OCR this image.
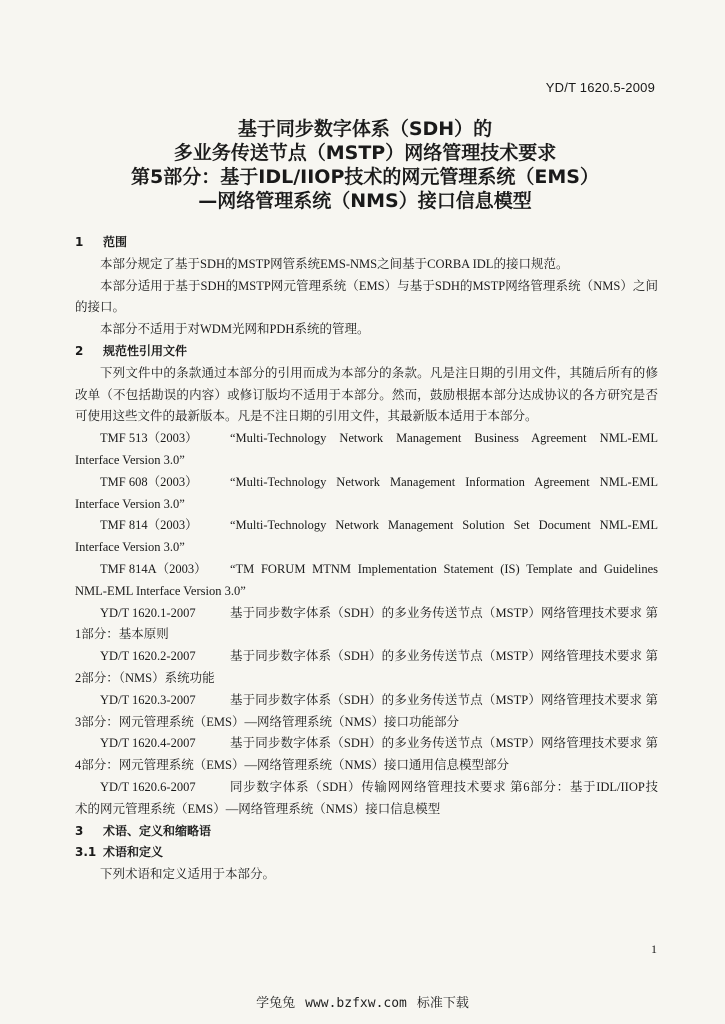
YD/T 1620.5-2009
基于同步数字体系（SDH）的
多业务传送节点（MSTP）网络管理技术要求
第5部分：基于IDL/IIOP技术的网元管理系统（EMS）
—网络管理系统（NMS）接口信息模型
1 范围
本部分规定了基于SDH的MSTP网管系统EMS-NMS之间基于CORBA IDL的接口规范。
本部分适用于基于SDH的MSTP网元管理系统（EMS）与基于SDH的MSTP网络管理系统（NMS）之间的接口。
本部分不适用于对WDM光网和PDH系统的管理。
2 规范性引用文件
下列文件中的条款通过本部分的引用而成为本部分的条款。凡是注日期的引用文件，其随后所有的修改单（不包括勘误的内容）或修订版均不适用于本部分。然而，鼓励根据本部分达成协议的各方研究是否可使用这些文件的最新版本。凡是不注日期的引用文件，其最新版本适用于本部分。
TMF 513（2003）	“Multi-Technology Network Management Business Agreement NML-EML
Interface Version 3.0”
TMF 608（2003）	“Multi-Technology Network Management Information Agreement NML-EML
Interface Version 3.0”
TMF 814（2003）	“Multi-Technology Network Management Solution Set Document NML-EML
Interface Version 3.0”
TMF 814A（2003）	“TM FORUM MTNM Implementation Statement (IS) Template and Guidelines
NML-EML Interface Version 3.0”
YD/T 1620.1-2007	基于同步数字体系（SDH）的多业务传送节点（MSTP）网络管理技术要求 第
1部分：基本原则
YD/T 1620.2-2007	基于同步数字体系（SDH）的多业务传送节点（MSTP）网络管理技术要求 第
2部分：（NMS）系统功能
YD/T 1620.3-2007	基于同步数字体系（SDH）的多业务传送节点（MSTP）网络管理技术要求 第
3部分：网元管理系统（EMS）—网络管理系统（NMS）接口功能部分
YD/T 1620.4-2007	基于同步数字体系（SDH）的多业务传送节点（MSTP）网络管理技术要求 第
4部分：网元管理系统（EMS）—网络管理系统（NMS）接口通用信息模型部分
YD/T 1620.6-2007	同步数字体系（SDH）传输网网络管理技术要求 第6部分：基于IDL/IIOP技
术的网元管理系统（EMS）—网络管理系统（NMS）接口信息模型
3 术语、定义和缩略语
3.1 术语和定义
下列术语和定义适用于本部分。
1
学兔兔 www.bzfxw.com 标准下载
